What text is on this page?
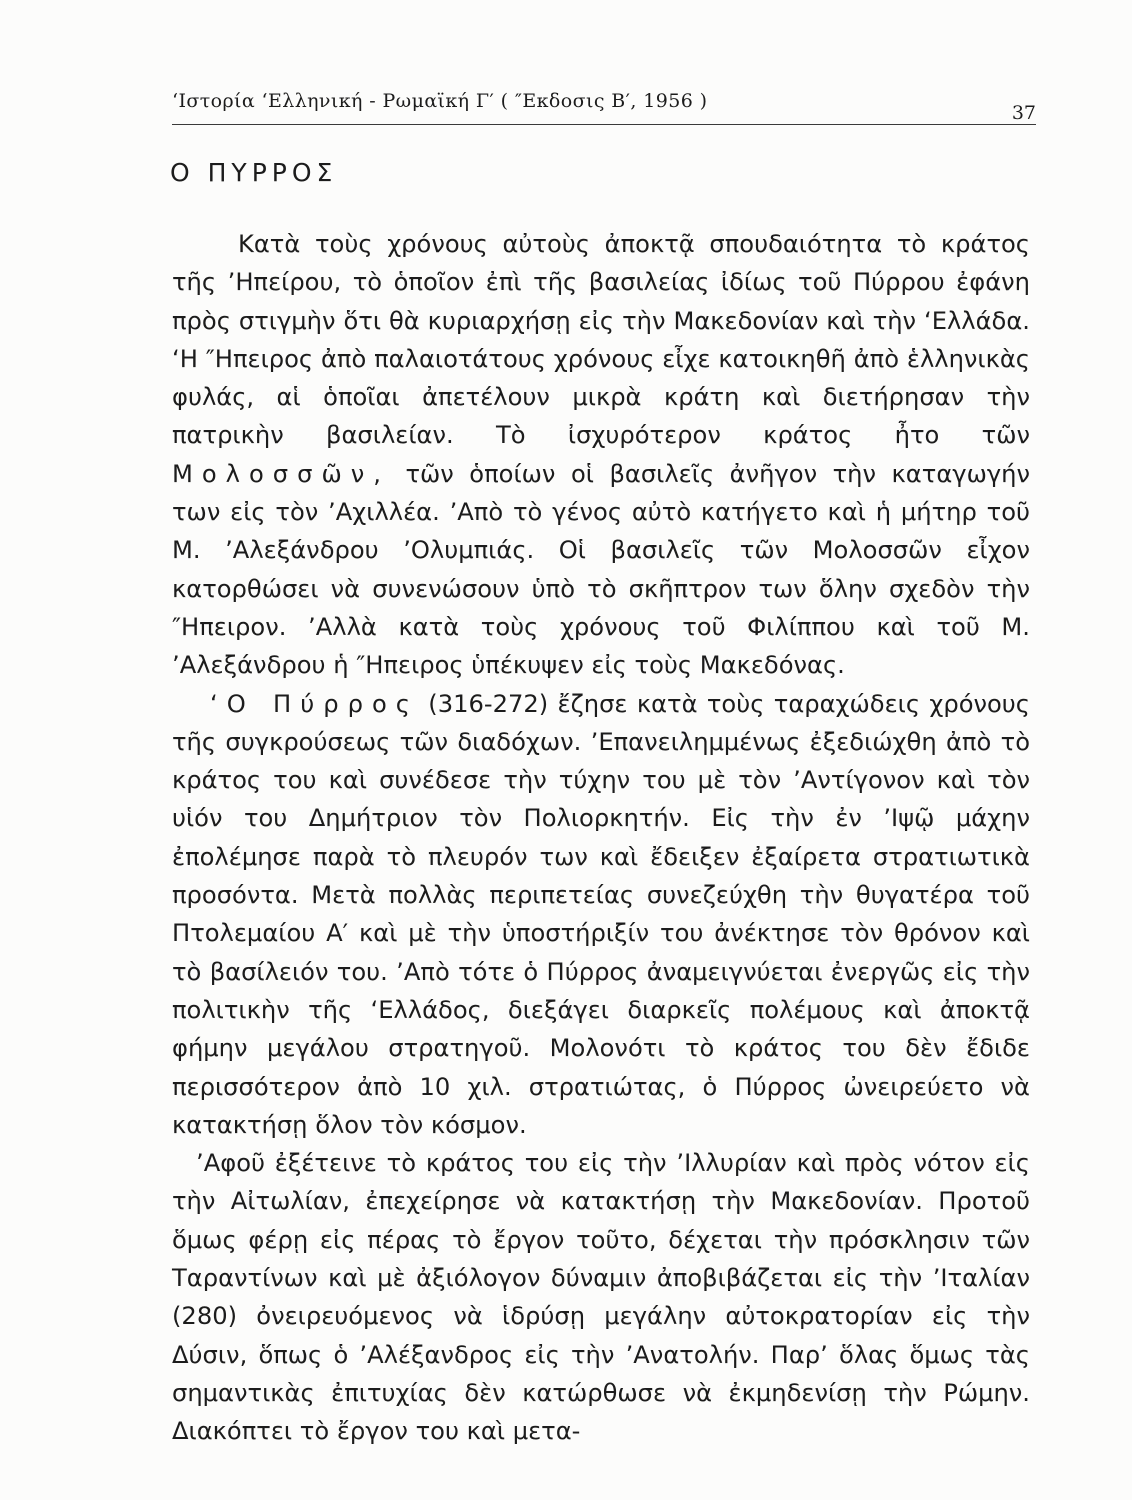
‘Ιστορία ‘Ελληνική - Ρωμαϊκή Γ′ ( ″Εκδοσις Β′, 1956 )
37
Ο ΠΥΡΡΟΣ

Κατὰ τοὺς χρόνους αὐτοὺς ἀποκτᾷ σπουδαιότητα τὸ κράτος τῆς ’Ηπείρου, τὸ ὁποῖον ἐπὶ τῆς βασιλείας ἰδίως τοῦ Πύρρου ἐφάνη πρὸς στιγμὴν ὅτι θὰ κυριαρχήσῃ εἰς τὴν Μακεδονίαν καὶ τὴν ‘Ελλάδα. ‘Η ″Ηπειρος ἀπὸ παλαιοτάτους χρόνους εἶχε κατοικηθῆ ἀπὸ ἑλληνικὰς φυλάς, αἱ ὁποῖαι ἀπετέλουν μικρὰ κράτη καὶ διετήρησαν τὴν πατρικὴν βασιλείαν. Τὸ ἰσχυρότερον κράτος ἦτο τῶν Μολοσσῶν, τῶν ὁποίων οἱ βασιλεῖς ἀνῆγον τὴν καταγωγήν των εἰς τὸν ’Αχιλλέα. ’Απὸ τὸ γένος αὐτὸ κατήγετο καὶ ἡ μήτηρ τοῦ Μ. ’Αλεξάνδρου ’Ολυμπιάς. Οἱ βασιλεῖς τῶν Μολοσσῶν εἶχον κατορθώσει νὰ συνενώσουν ὑπὸ τὸ σκῆπτρον των ὅλην σχεδὸν τὴν ″Ηπειρον. ’Αλλὰ κατὰ τοὺς χρόνους τοῦ Φιλίππου καὶ τοῦ Μ. ’Αλεξάνδρου ἡ ″Ηπειρος ὑπέκυψεν εἰς τοὺς Μακεδόνας.

‘Ο Πύρρος (316-272) ἔζησε κατὰ τοὺς ταραχώδεις χρόνους τῆς συγκρούσεως τῶν διαδόχων. ’Επανειλημμένως ἐξεδιώχθη ἀπὸ τὸ κράτος του καὶ συνέδεσε τὴν τύχην του μὲ τὸν ’Αντίγονον καὶ τὸν υἱόν του Δημήτριον τὸν Πολιορκητήν. Εἰς τὴν ἐν ’Ιψῷ μάχην ἐπολέμησε παρὰ τὸ πλευρόν των καὶ ἔδειξεν ἐξαίρετα στρατιωτικὰ προσόντα. Μετὰ πολλὰς περιπετείας συνεζεύχθη τὴν θυγατέρα τοῦ Πτολεμαίου Α′ καὶ μὲ τὴν ὑποστήριξίν του ἀνέκτησε τὸν θρόνον καὶ τὸ βασίλειόν του. ’Απὸ τότε ὁ Πύρρος ἀναμειγνύεται ἐνεργῶς εἰς τὴν πολιτικὴν τῆς ‘Ελλάδος, διεξάγει διαρκεῖς πολέμους καὶ ἀποκτᾷ φήμην μεγάλου στρατηγοῦ. Μολονότι τὸ κράτος του δὲν ἔδιδε περισσότερον ἀπὸ 10 χιλ. στρατιώτας, ὁ Πύρρος ὠνειρεύετο νὰ κατακτήσῃ ὅλον τὸν κόσμον.

’Αφοῦ ἐξέτεινε τὸ κράτος του εἰς τὴν ’Ιλλυρίαν καὶ πρὸς νότον εἰς τὴν Αἰτωλίαν, ἐπεχείρησε νὰ κατακτήσῃ τὴν Μακεδονίαν. Προτοῦ ὅμως φέρῃ εἰς πέρας τὸ ἔργον τοῦτο, δέχεται τὴν πρόσκλησιν τῶν Ταραντίνων καὶ μὲ ἀξιόλογον δύναμιν ἀποβιβάζεται εἰς τὴν ’Ιταλίαν (280) ὀνειρευόμενος νὰ ἱδρύσῃ μεγάλην αὐτοκρατορίαν εἰς τὴν Δύσιν, ὅπως ὁ ’Αλέξανδρος εἰς τὴν ’Ανατολήν. Παρ’ ὅλας ὅμως τὰς σημαντικὰς ἐπιτυχίας δὲν κατώρθωσε νὰ ἐκμηδενίσῃ τὴν Ρώμην. Διακόπτει τὸ ἔργον του καὶ μετα-
